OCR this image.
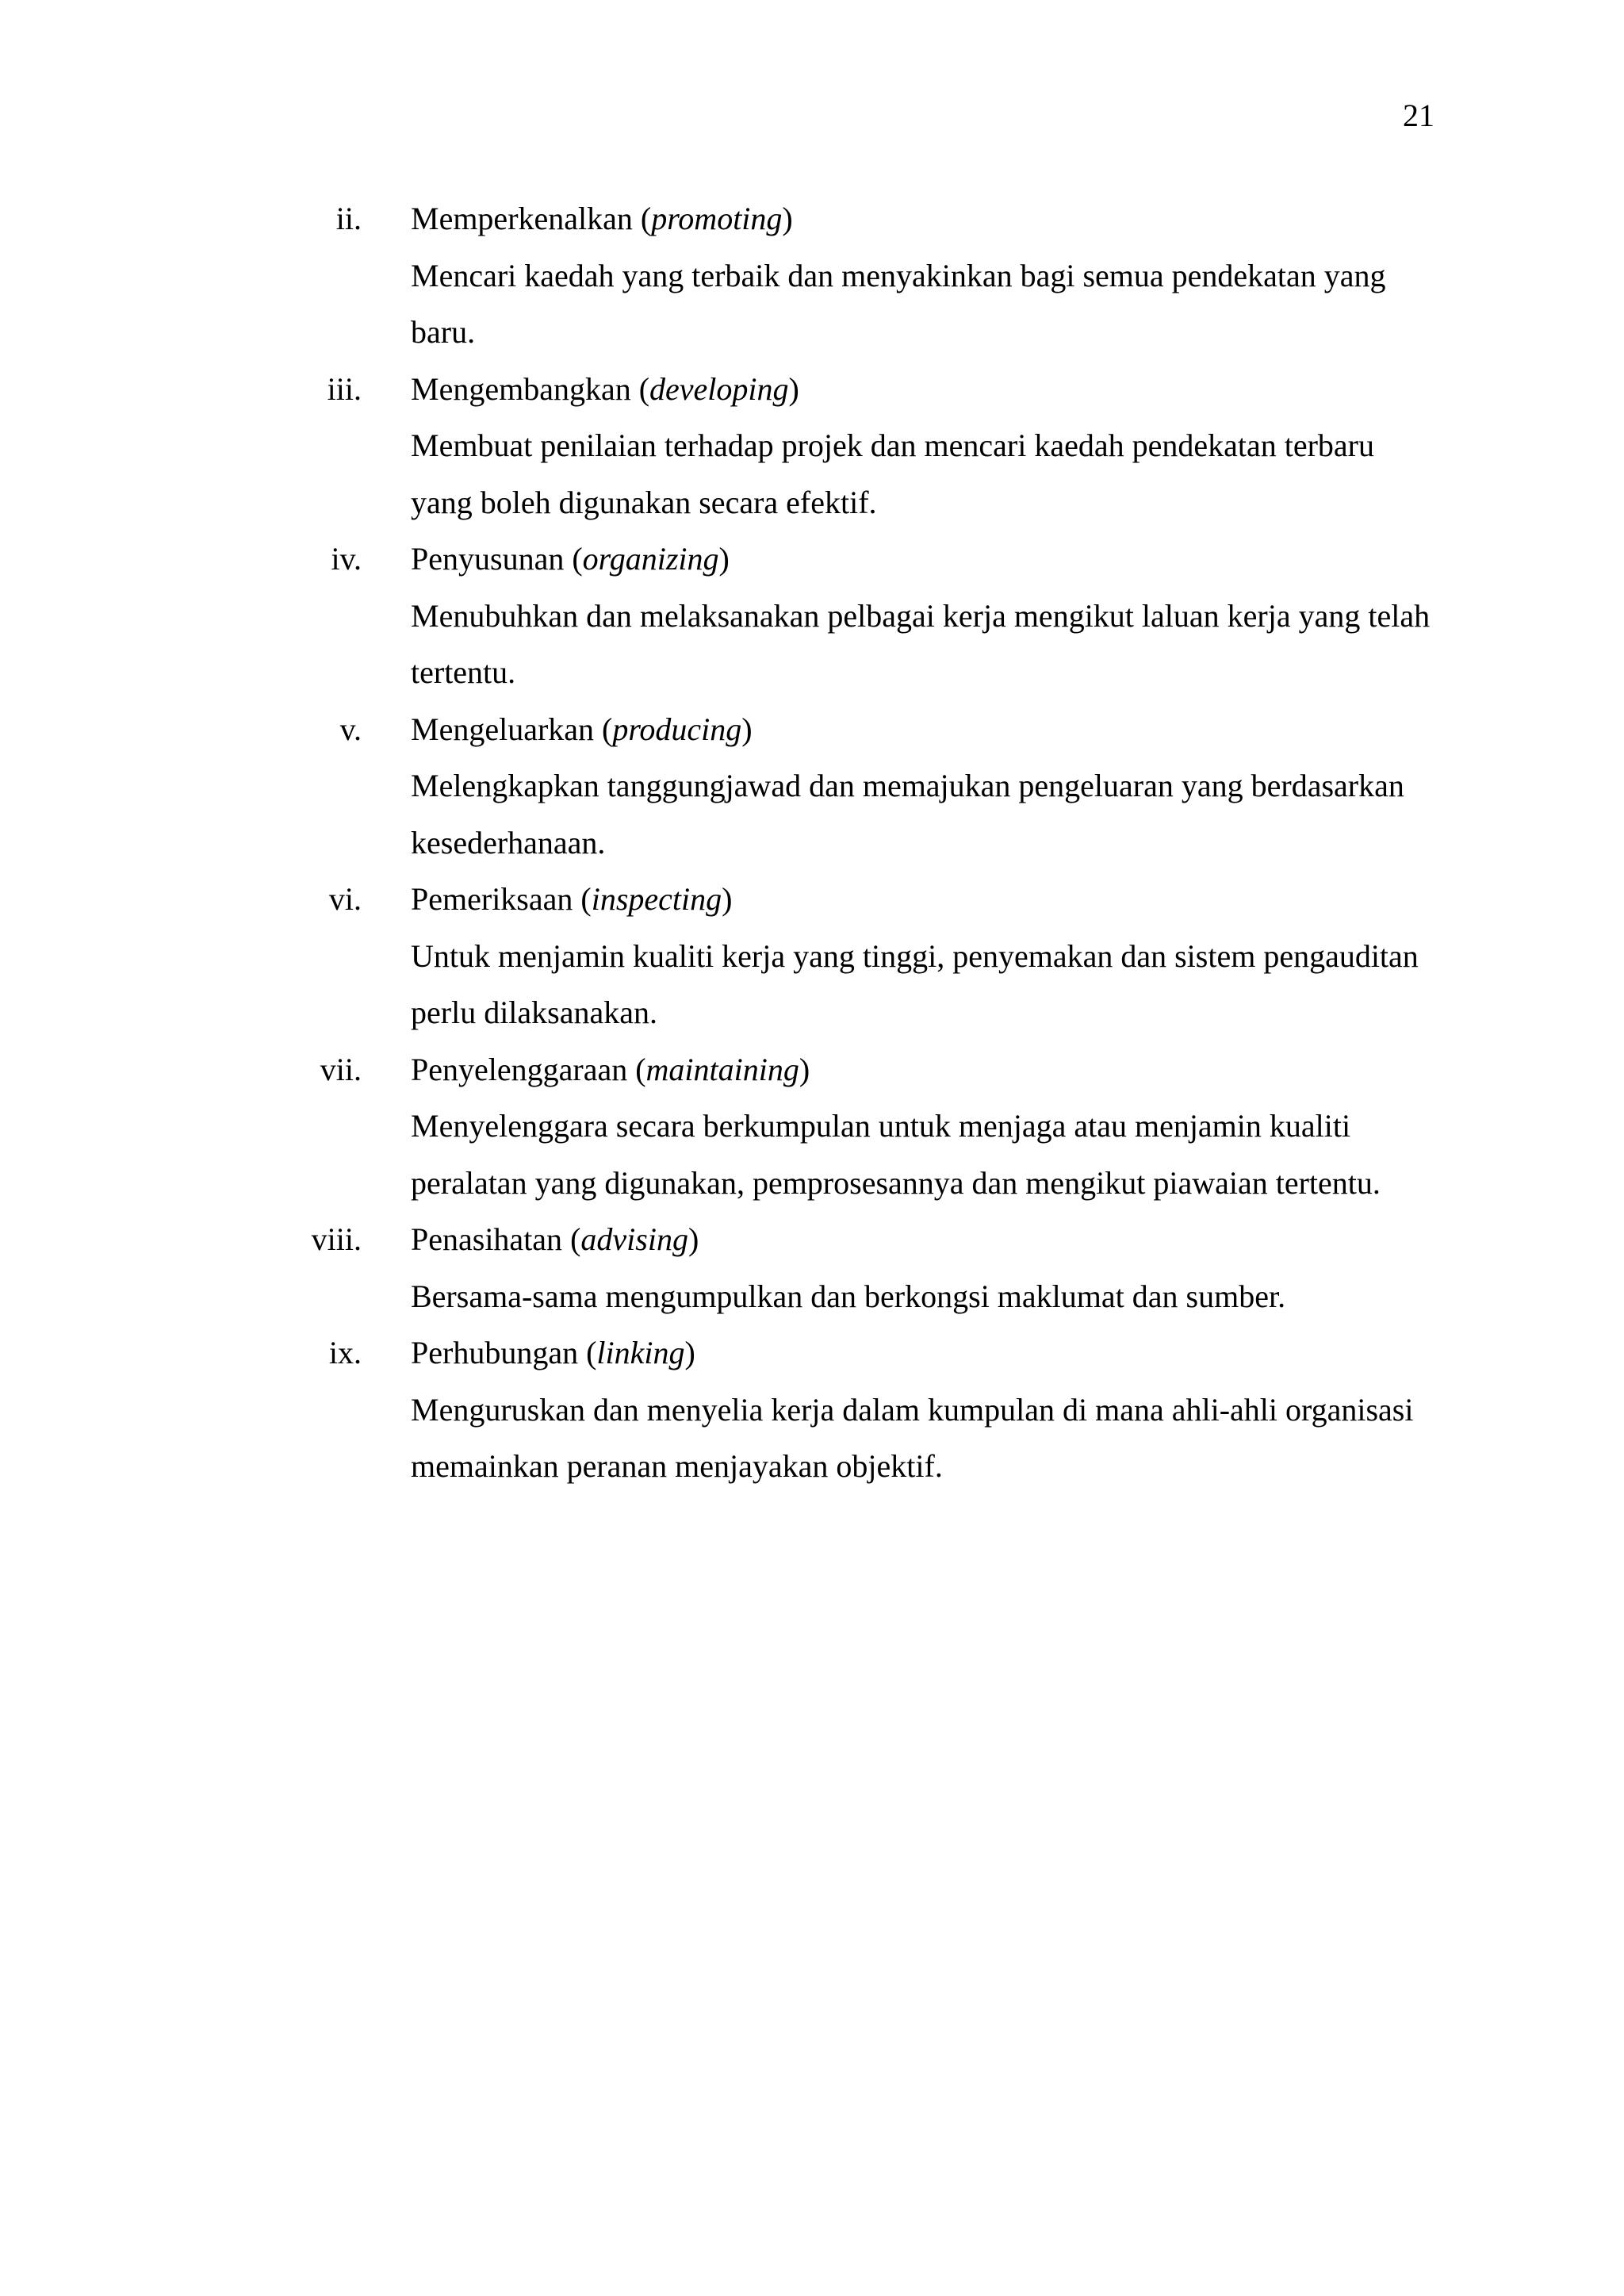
21
ii. Memperkenalkan (promoting)
Mencari kaedah yang terbaik dan menyakinkan bagi semua pendekatan yang baru.
iii. Mengembangkan (developing)
Membuat penilaian terhadap projek dan mencari kaedah pendekatan terbaru yang boleh digunakan secara efektif.
iv. Penyusunan (organizing)
Menubuhkan dan melaksanakan pelbagai kerja mengikut laluan kerja yang telah tertentu.
v. Mengeluarkan (producing)
Melengkapkan tanggungjawad dan memajukan pengeluaran yang berdasarkan kesederhanaan.
vi. Pemeriksaan (inspecting)
Untuk menjamin kualiti kerja yang tinggi, penyemakan dan sistem pengauditan perlu dilaksanakan.
vii. Penyelenggaraan (maintaining)
Menyelenggara secara berkumpulan untuk menjaga atau menjamin kualiti peralatan yang digunakan, pemprosesannya dan mengikut piawaian tertentu.
viii. Penasihatan (advising)
Bersama-sama mengumpulkan dan berkongsi maklumat dan sumber.
ix. Perhubungan (linking)
Menguruskan dan menyelia kerja dalam kumpulan di mana ahli-ahli organisasi memainkan peranan menjayakan objektif.
